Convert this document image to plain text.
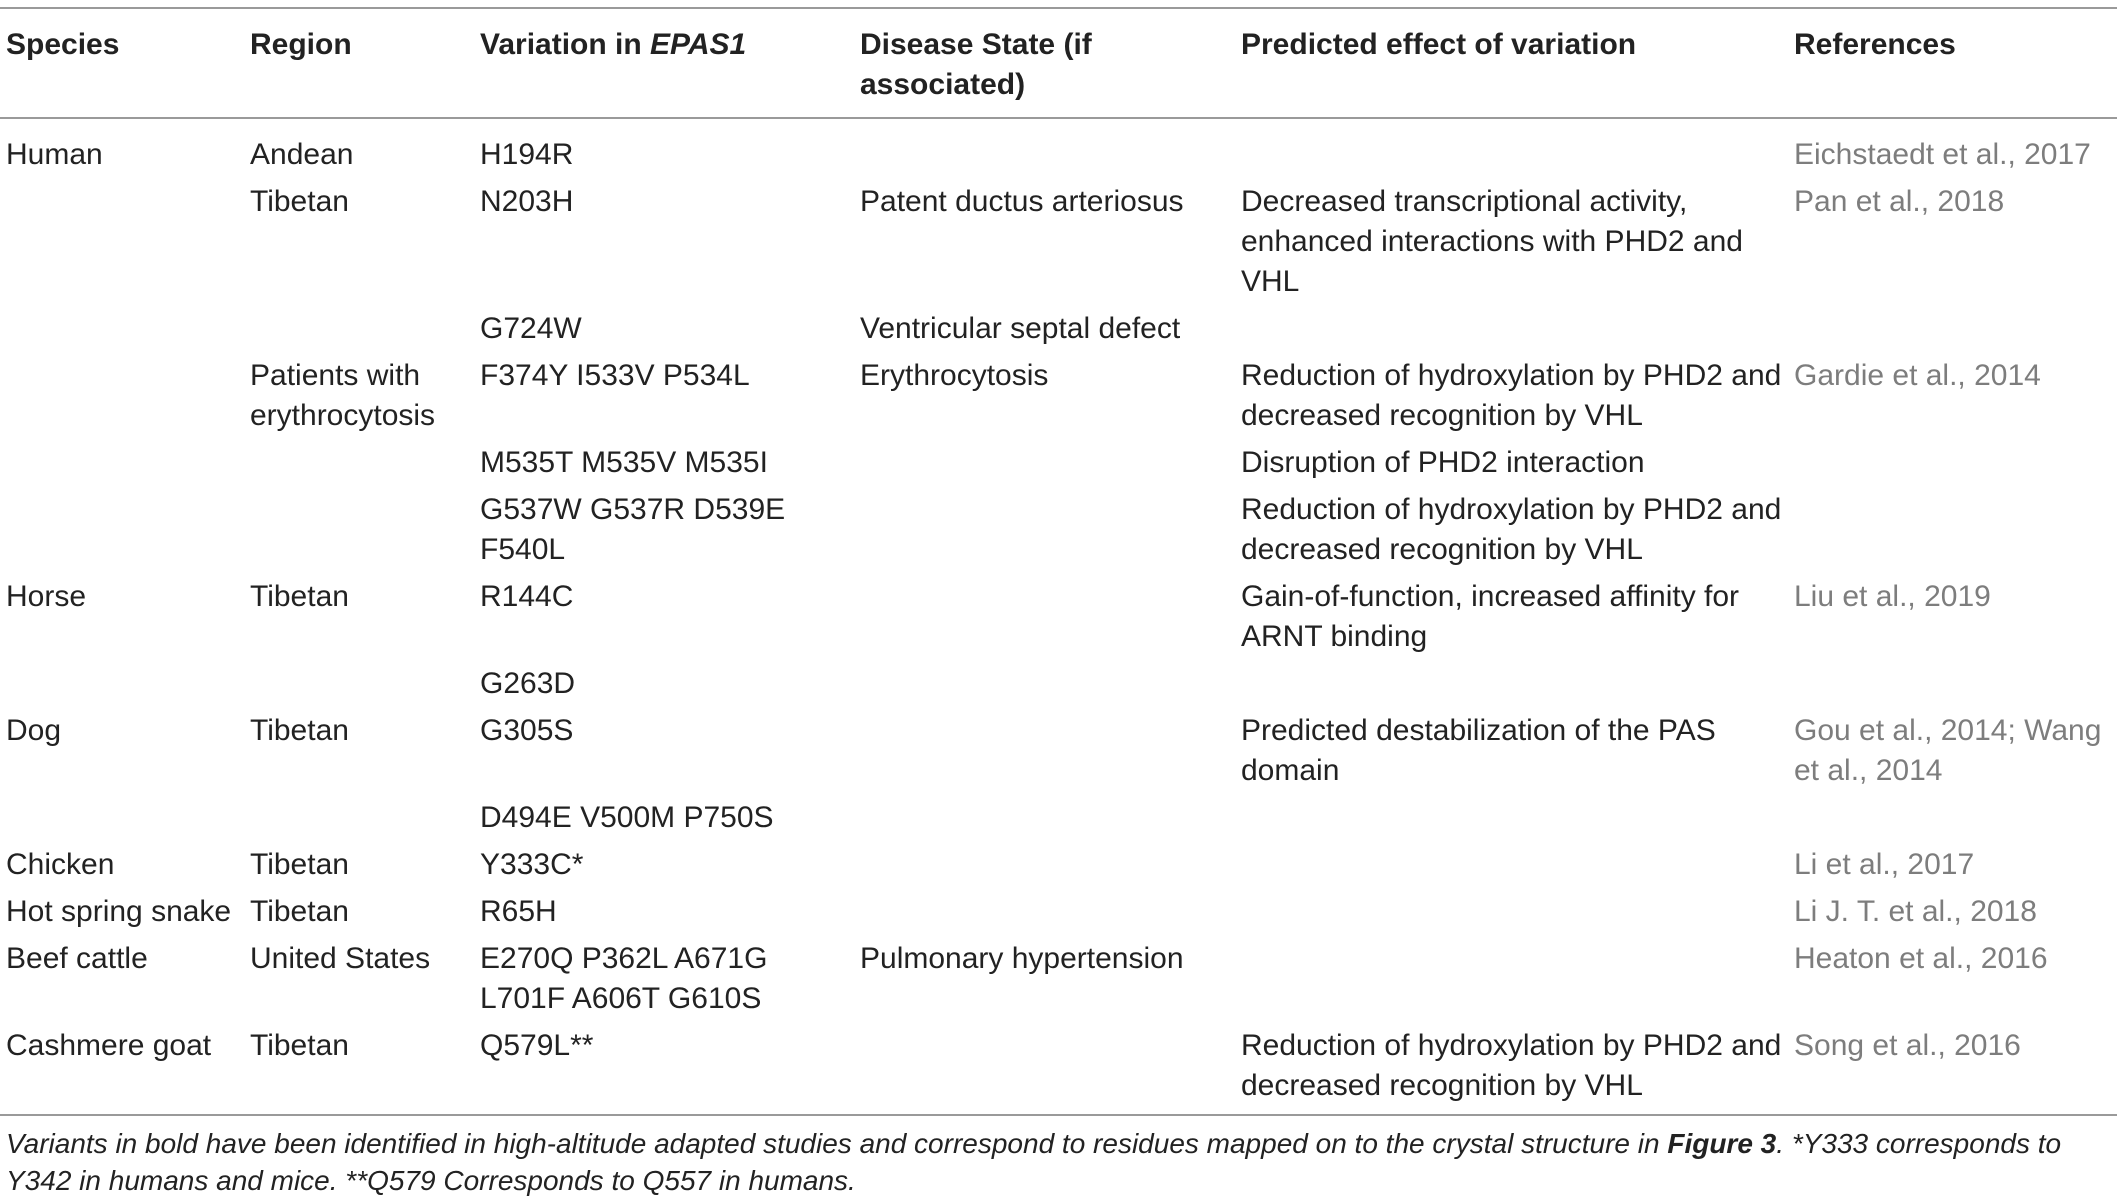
Species	Region	Variation in EPAS1	Disease State (if associated)	Predicted effect of variation	References
Human	Andean	H194R			Eichstaedt et al., 2017
	Tibetan	N203H	Patent ductus arteriosus	Decreased transcriptional activity, enhanced interactions with PHD2 and VHL	Pan et al., 2018
		G724W	Ventricular septal defect		
	Patients with erythrocytosis	F374Y I533V P534L	Erythrocytosis	Reduction of hydroxylation by PHD2 and decreased recognition by VHL	Gardie et al., 2014
		M535T M535V M535I		Disruption of PHD2 interaction	
		G537W G537R D539E F540L		Reduction of hydroxylation by PHD2 and decreased recognition by VHL	
Horse	Tibetan	R144C		Gain-of-function, increased affinity for ARNT binding	Liu et al., 2019
		G263D			
Dog	Tibetan	G305S		Predicted destabilization of the PAS domain	Gou et al., 2014; Wang et al., 2014
		D494E V500M P750S			
Chicken	Tibetan	Y333C*			Li et al., 2017
Hot spring snake	Tibetan	R65H			Li J. T. et al., 2018
Beef cattle	United States	E270Q P362L A671G L701F A606T G610S	Pulmonary hypertension		Heaton et al., 2016
Cashmere goat	Tibetan	Q579L**		Reduction of hydroxylation by PHD2 and decreased recognition by VHL	Song et al., 2016
Variants in bold have been identified in high-altitude adapted studies and correspond to residues mapped on to the crystal structure in Figure 3. *Y333 corresponds to Y342 in humans and mice. **Q579 Corresponds to Q557 in humans.
